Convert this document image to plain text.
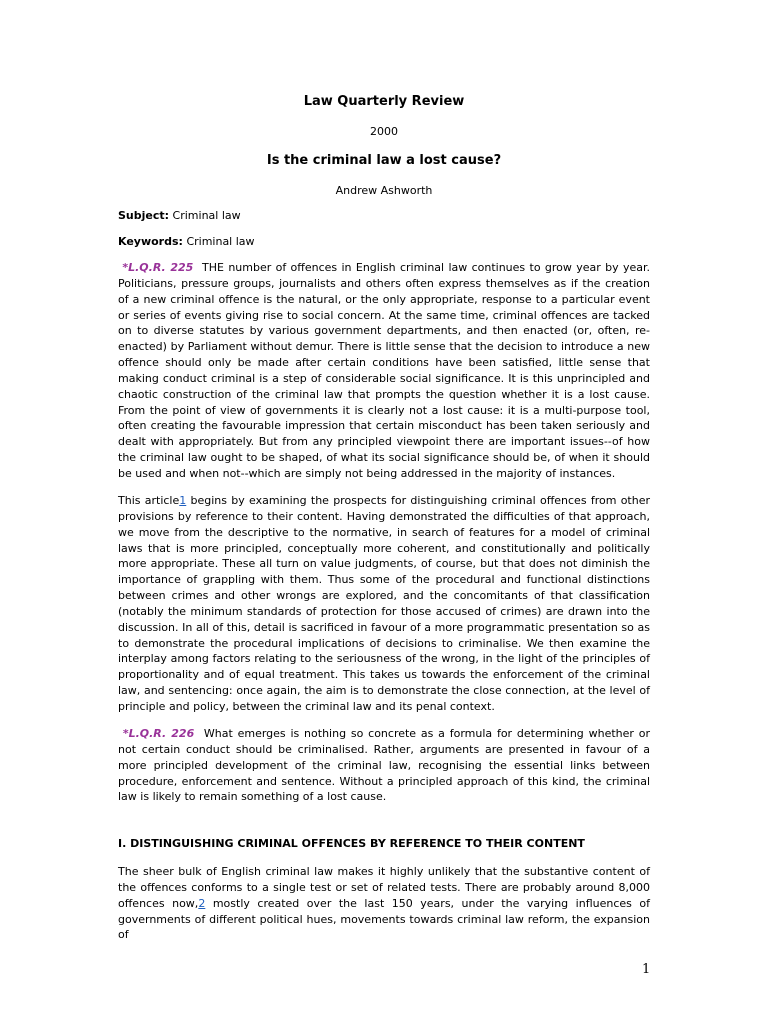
Law Quarterly Review
2000
Is the criminal law a lost cause?
Andrew Ashworth
Subject: Criminal law
Keywords: Criminal law
*L.Q.R. 225 THE number of offences in English criminal law continues to grow year by year. Politicians, pressure groups, journalists and others often express themselves as if the creation of a new criminal offence is the natural, or the only appropriate, response to a particular event or series of events giving rise to social concern. At the same time, criminal offences are tacked on to diverse statutes by various government departments, and then enacted (or, often, re-enacted) by Parliament without demur. There is little sense that the decision to introduce a new offence should only be made after certain conditions have been satisfied, little sense that making conduct criminal is a step of considerable social significance. It is this unprincipled and chaotic construction of the criminal law that prompts the question whether it is a lost cause. From the point of view of governments it is clearly not a lost cause: it is a multi-purpose tool, often creating the favourable impression that certain misconduct has been taken seriously and dealt with appropriately. But from any principled viewpoint there are important issues--of how the criminal law ought to be shaped, of what its social significance should be, of when it should be used and when not--which are simply not being addressed in the majority of instances.
This article1 begins by examining the prospects for distinguishing criminal offences from other provisions by reference to their content. Having demonstrated the difficulties of that approach, we move from the descriptive to the normative, in search of features for a model of criminal laws that is more principled, conceptually more coherent, and constitutionally and politically more appropriate. These all turn on value judgments, of course, but that does not diminish the importance of grappling with them. Thus some of the procedural and functional distinctions between crimes and other wrongs are explored, and the concomitants of that classification (notably the minimum standards of protection for those accused of crimes) are drawn into the discussion. In all of this, detail is sacrificed in favour of a more programmatic presentation so as to demonstrate the procedural implications of decisions to criminalise. We then examine the interplay among factors relating to the seriousness of the wrong, in the light of the principles of proportionality and of equal treatment. This takes us towards the enforcement of the criminal law, and sentencing: once again, the aim is to demonstrate the close connection, at the level of principle and policy, between the criminal law and its penal context.
*L.Q.R. 226 What emerges is nothing so concrete as a formula for determining whether or not certain conduct should be criminalised. Rather, arguments are presented in favour of a more principled development of the criminal law, recognising the essential links between procedure, enforcement and sentence. Without a principled approach of this kind, the criminal law is likely to remain something of a lost cause.
I. DISTINGUISHING CRIMINAL OFFENCES BY REFERENCE TO THEIR CONTENT
The sheer bulk of English criminal law makes it highly unlikely that the substantive content of the offences conforms to a single test or set of related tests. There are probably around 8,000 offences now,2 mostly created over the last 150 years, under the varying influences of governments of different political hues, movements towards criminal law reform, the expansion of
1
